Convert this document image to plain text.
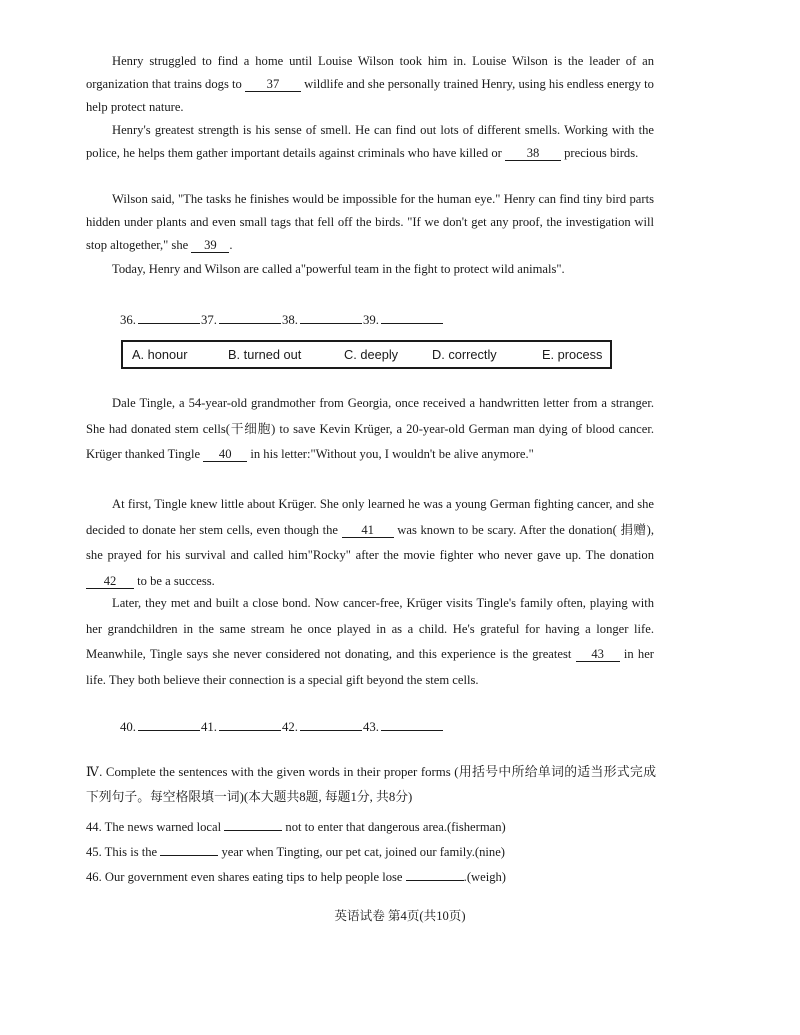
Henry struggled to find a home until Louise Wilson took him in. Louise Wilson is the leader of an organization that trains dogs to 37 wildlife and she personally trained Henry, using his endless energy to help protect nature.

Henry's greatest strength is his sense of smell. He can find out lots of different smells. Working with the police, he helps them gather important details against criminals who have killed or 38 precious birds.

Wilson said, "The tasks he finishes would be impossible for the human eye." Henry can find tiny bird parts hidden under plants and even small tags that fell off the birds. "If we don't get any proof, the investigation will stop altogether," she 39 .

Today, Henry and Wilson are called a"powerful team in the fight to protect wild animals".

36.	37.	38.	39.
A. honour	B. turned out	C. deeply	D. correctly	E. process

Dale Tingle, a 54-year-old grandmother from Georgia, once received a handwritten letter from a stranger. She had donated stem cells(干细胞) to save Kevin Krüger, a 20-year-old German man dying of blood cancer. Krüger thanked Tingle 40 in his letter:"Without you, I wouldn't be alive anymore."

At first, Tingle knew little about Krüger. She only learned he was a young German fighting cancer, and she decided to donate her stem cells, even though the 41 was known to be scary. After the donation( 捐赠), she prayed for his survival and called him"Rocky" after the movie fighter who never gave up. The donation 42 to be a success.

Later, they met and built a close bond. Now cancer-free, Krüger visits Tingle's family often, playing with her grandchildren in the same stream he once played in as a child. He's grateful for having a longer life. Meanwhile, Tingle says she never considered not donating, and this experience is the greatest 43 in her life. They both believe their connection is a special gift beyond the stem cells.

40.	41.	42.	43.
Ⅳ. Complete the sentences with the given words in their proper forms (用括号中所给单词的适当形式完成下列句子。每空格限填一词)(本大题共8题, 每题1分, 共8分)
44. The news warned local	not to enter that dangerous area.(fisherman)
45. This is the	year when Tingting, our pet cat, joined our family.(nine)
46. Our government even shares eating tips to help people lose	.(weigh)
英语试卷 第4页(共10页)
